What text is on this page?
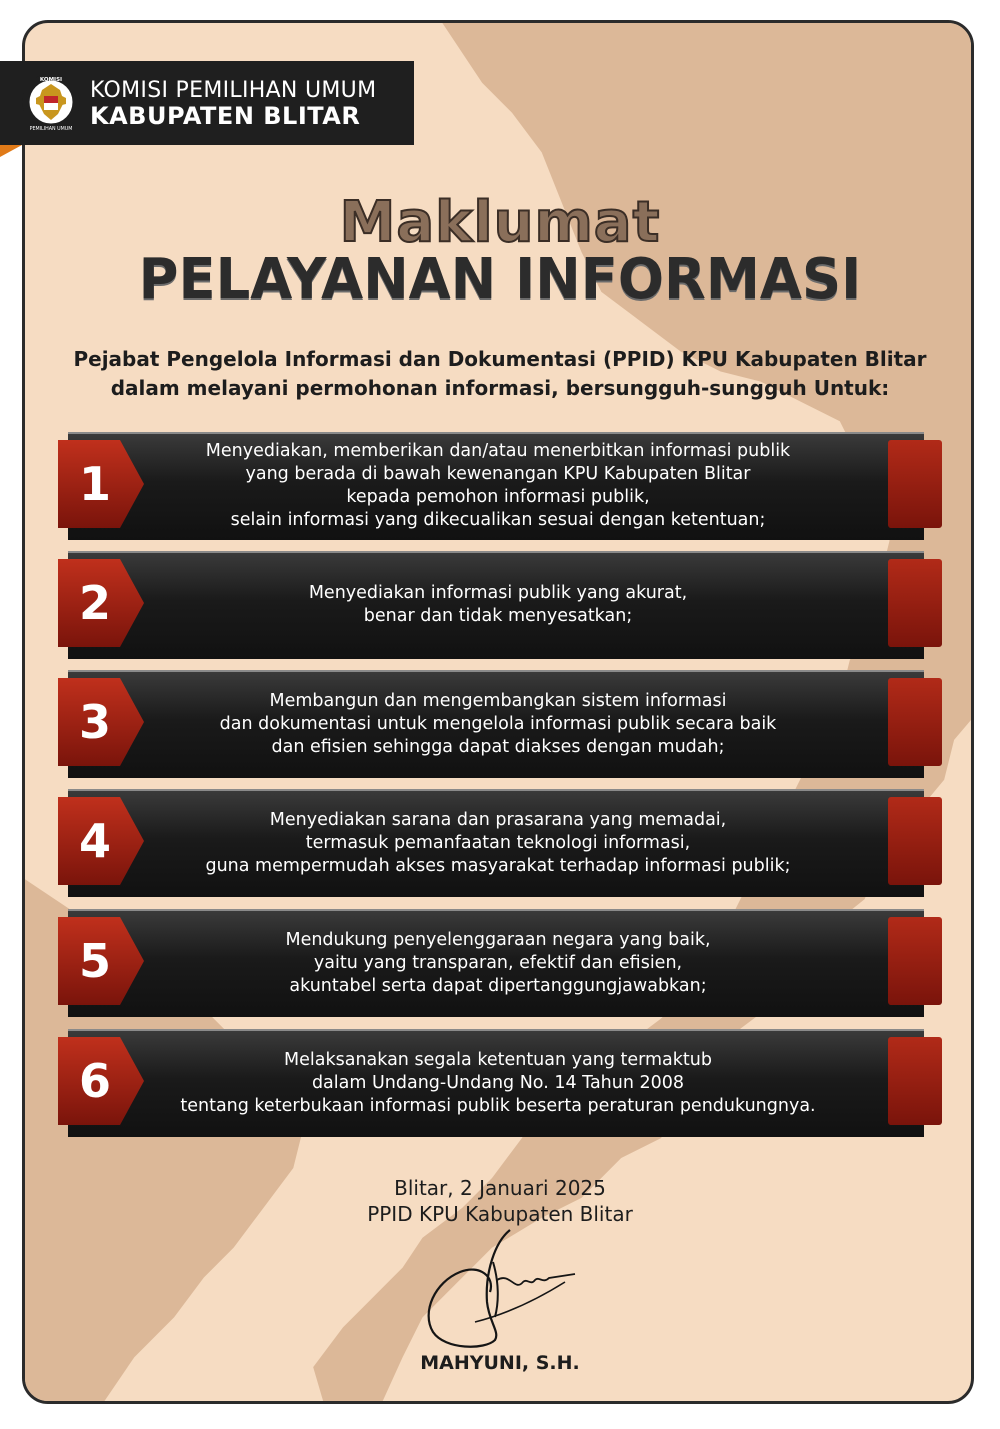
KOMISI
PEMILIHAN UMUM
KOMISI PEMILIHAN UMUM
KABUPATEN BLITAR
Maklumat
PELAYANAN INFORMASI
Pejabat Pengelola Informasi dan Dokumentasi (PPID) KPU Kabupaten Blitar
dalam melayani permohonan informasi, bersungguh-sungguh Untuk:
1
Menyediakan, memberikan dan/atau menerbitkan informasi publik
yang berada di bawah kewenangan KPU Kabupaten Blitar
kepada pemohon informasi publik,
selain informasi yang dikecualikan sesuai dengan ketentuan;
2	Menyediakan informasi publik yang akurat,
benar dan tidak menyesatkan;
3	Membangun dan mengembangkan sistem informasi
dan dokumentasi untuk mengelola informasi publik secara baik
dan efisien sehingga dapat diakses dengan mudah;
4	Menyediakan sarana dan prasarana yang memadai,
termasuk pemanfaatan teknologi informasi,
guna mempermudah akses masyarakat terhadap informasi publik;
5	Mendukung penyelenggaraan negara yang baik,
yaitu yang transparan, efektif dan efisien,
akuntabel serta dapat dipertanggungjawabkan;
6	Melaksanakan segala ketentuan yang termaktub
dalam Undang-Undang No. 14 Tahun 2008
tentang keterbukaan informasi publik beserta peraturan pendukungnya.
Blitar, 2 Januari 2025
PPID KPU Kabupaten Blitar
MAHYUNI, S.H.
